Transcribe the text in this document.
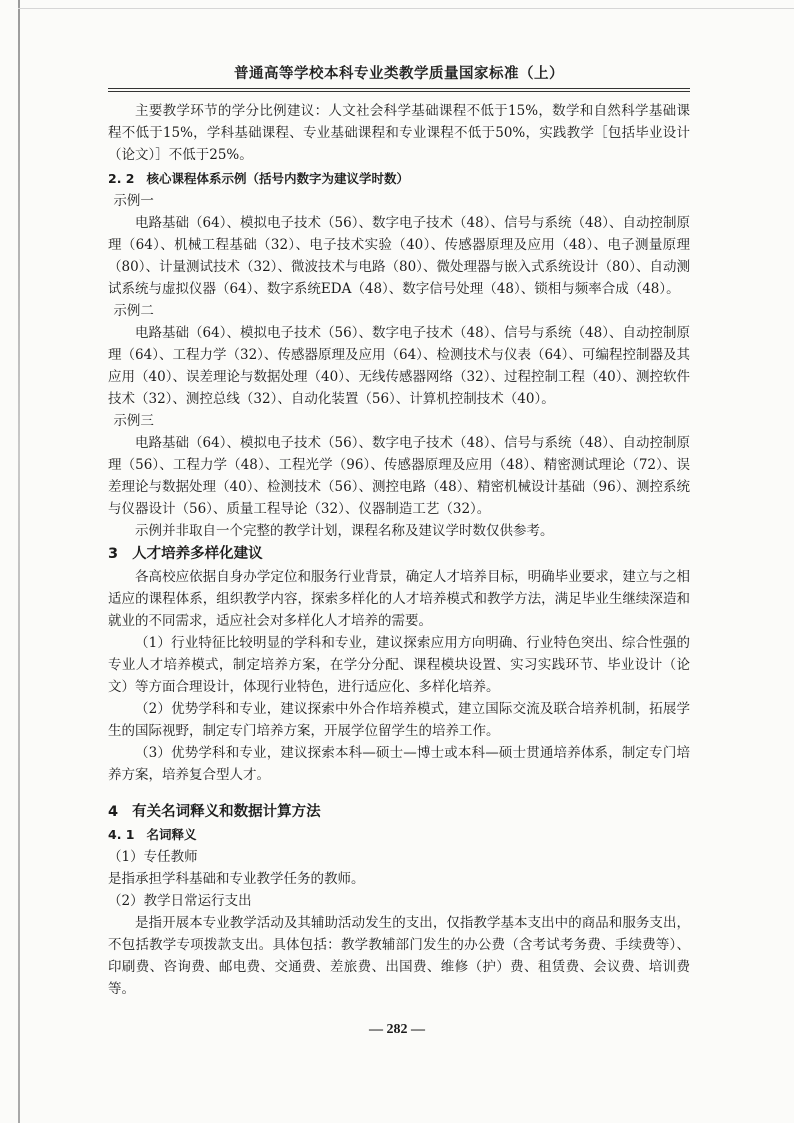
普通高等学校本科专业类教学质量国家标准（上）

主要教学环节的学分比例建议：人文社会科学基础课程不低于15%，数学和自然科学基础课程不低于15%，学科基础课程、专业基础课程和专业课程不低于50%，实践教学［包括毕业设计（论文）］不低于25%。

2. 2 核心课程体系示例（括号内数字为建议学时数）

示例一

电路基础（64）、模拟电子技术（56）、数字电子技术（48）、信号与系统（48）、自动控制原理（64）、机械工程基础（32）、电子技术实验（40）、传感器原理及应用（48）、电子测量原理（80）、计量测试技术（32）、微波技术与电路（80）、微处理器与嵌入式系统设计（80）、自动测试系统与虚拟仪器（64）、数字系统EDA（48）、数字信号处理（48）、锁相与频率合成（48）。

示例二

电路基础（64）、模拟电子技术（56）、数字电子技术（48）、信号与系统（48）、自动控制原理（64）、工程力学（32）、传感器原理及应用（64）、检测技术与仪表（64）、可编程控制器及其应用（40）、误差理论与数据处理（40）、无线传感器网络（32）、过程控制工程（40）、测控软件技术（32）、测控总线（32）、自动化装置（56）、计算机控制技术（40）。

示例三

电路基础（64）、模拟电子技术（56）、数字电子技术（48）、信号与系统（48）、自动控制原理（56）、工程力学（48）、工程光学（96）、传感器原理及应用（48）、精密测试理论（72）、误差理论与数据处理（40）、检测技术（56）、测控电路（48）、精密机械设计基础（96）、测控系统与仪器设计（56）、质量工程导论（32）、仪器制造工艺（32）。

示例并非取自一个完整的教学计划，课程名称及建议学时数仅供参考。

3 人才培养多样化建议

各高校应依据自身办学定位和服务行业背景，确定人才培养目标，明确毕业要求，建立与之相适应的课程体系，组织教学内容，探索多样化的人才培养模式和教学方法，满足毕业生继续深造和就业的不同需求，适应社会对多样化人才培养的需要。

（1）行业特征比较明显的学科和专业，建议探索应用方向明确、行业特色突出、综合性强的专业人才培养模式，制定培养方案，在学分分配、课程模块设置、实习实践环节、毕业设计（论文）等方面合理设计，体现行业特色，进行适应化、多样化培养。

（2）优势学科和专业，建议探索中外合作培养模式，建立国际交流及联合培养机制，拓展学生的国际视野，制定专门培养方案，开展学位留学生的培养工作。

（3）优势学科和专业，建议探索本科—硕士—博士或本科—硕士贯通培养体系，制定专门培养方案，培养复合型人才。

4 有关名词释义和数据计算方法

4. 1 名词释义

（1）专任教师

是指承担学科基础和专业教学任务的教师。

（2）教学日常运行支出

是指开展本专业教学活动及其辅助活动发生的支出，仅指教学基本支出中的商品和服务支出，不包括教学专项拨款支出。具体包括：教学教辅部门发生的办公费（含考试考务费、手续费等）、印刷费、咨询费、邮电费、交通费、差旅费、出国费、维修（护）费、租赁费、会议费、培训费等。

— 282 —
